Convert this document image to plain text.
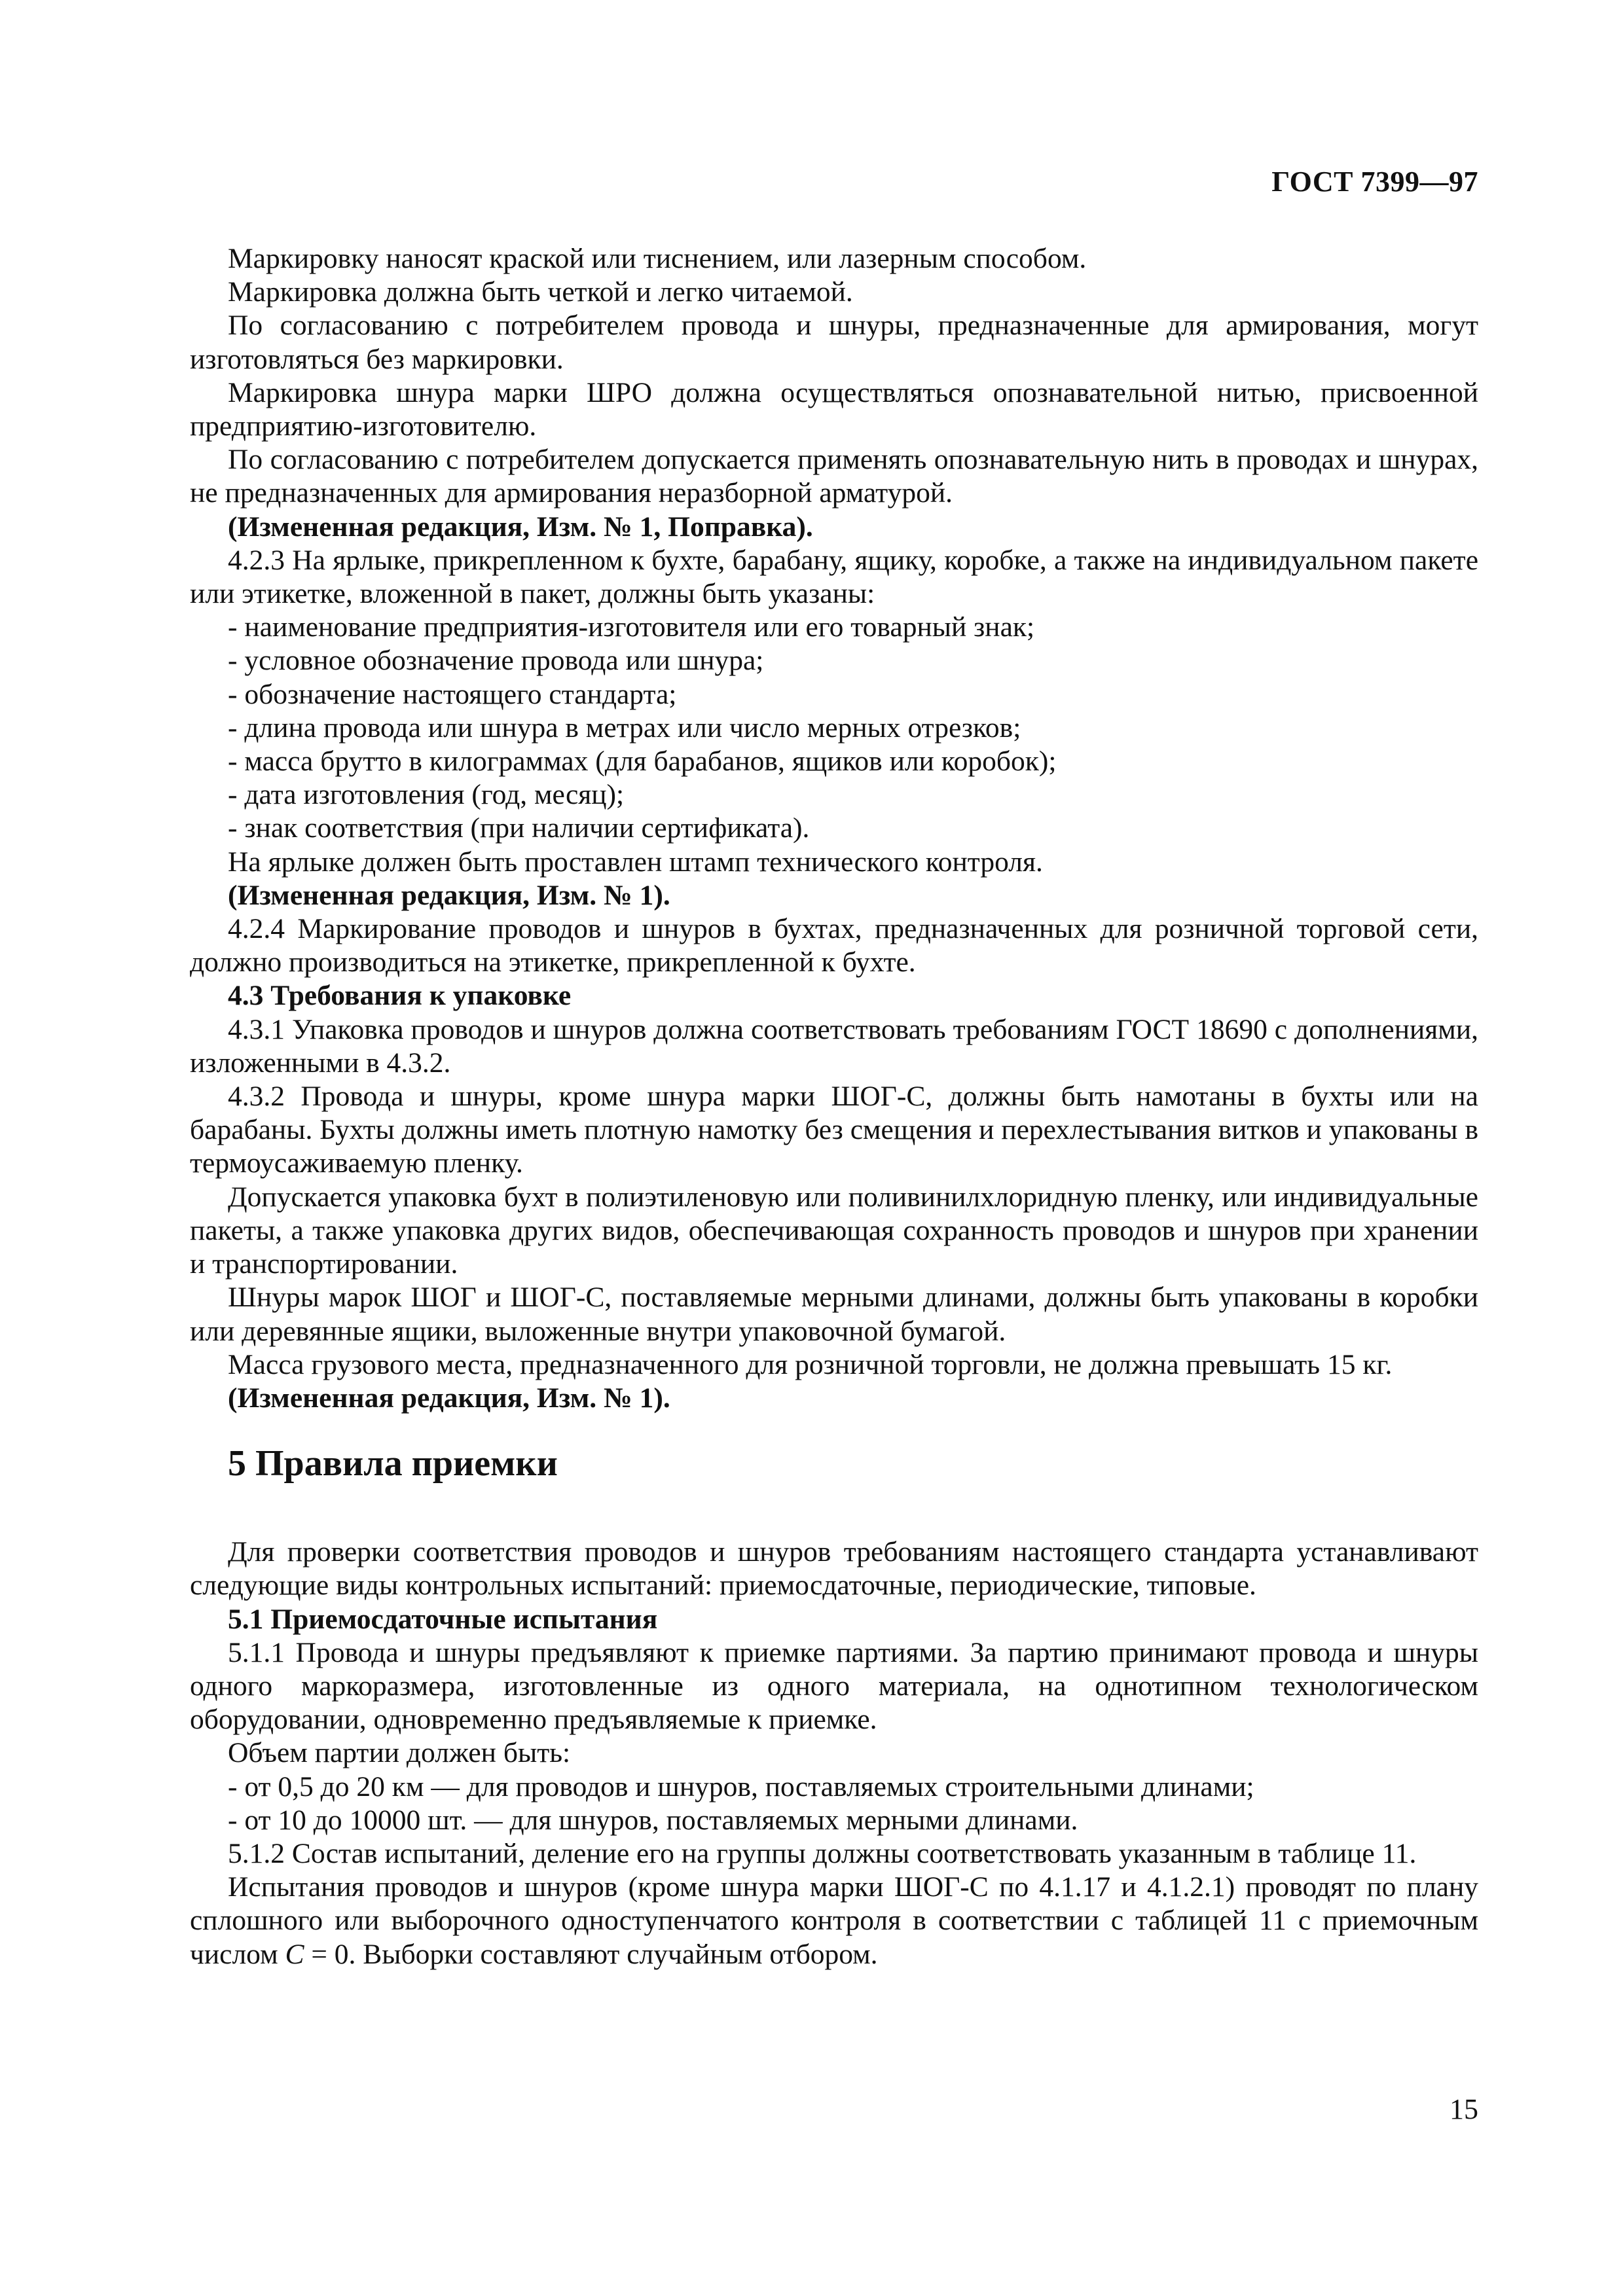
ГОСТ 7399—97

Маркировку наносят краской или тиснением, или лазерным способом.

Маркировка должна быть четкой и легко читаемой.

По согласованию с потребителем провода и шнуры, предназначенные для армирования, могут изготовляться без маркировки.

Маркировка шнура марки ШРО должна осуществляться опознавательной нитью, присвоенной предприятию-изготовителю.

По согласованию с потребителем допускается применять опознавательную нить в проводах и шнурах, не предназначенных для армирования неразборной арматурой.

(Измененная редакция, Изм. № 1, Поправка).

4.2.3 На ярлыке, прикрепленном к бухте, барабану, ящику, коробке, а также на индивидуальном пакете или этикетке, вложенной в пакет, должны быть указаны:

- наименование предприятия-изготовителя или его товарный знак;

- условное обозначение провода или шнура;

- обозначение настоящего стандарта;

- длина провода или шнура в метрах или число мерных отрезков;

- масса брутто в килограммах (для барабанов, ящиков или коробок);

- дата изготовления (год, месяц);

- знак соответствия (при наличии сертификата).

На ярлыке должен быть проставлен штамп технического контроля.

(Измененная редакция, Изм. № 1).

4.2.4 Маркирование проводов и шнуров в бухтах, предназначенных для розничной торговой сети, должно производиться на этикетке, прикрепленной к бухте.

4.3 Требования к упаковке

4.3.1 Упаковка проводов и шнуров должна соответствовать требованиям ГОСТ 18690 с дополнениями, изложенными в 4.3.2.

4.3.2 Провода и шнуры, кроме шнура марки ШОГ-С, должны быть намотаны в бухты или на барабаны. Бухты должны иметь плотную намотку без смещения и перехлестывания витков и упакованы в термоусаживаемую пленку.

Допускается упаковка бухт в полиэтиленовую или поливинилхлоридную пленку, или индивидуальные пакеты, а также упаковка других видов, обеспечивающая сохранность проводов и шнуров при хранении и транспортировании.

Шнуры марок ШОГ и ШОГ-С, поставляемые мерными длинами, должны быть упакованы в коробки или деревянные ящики, выложенные внутри упаковочной бумагой.

Масса грузового места, предназначенного для розничной торговли, не должна превышать 15 кг.

(Измененная редакция, Изм. № 1).

5 Правила приемки

Для проверки соответствия проводов и шнуров требованиям настоящего стандарта устанавливают следующие виды контрольных испытаний: приемосдаточные, периодические, типовые.

5.1 Приемосдаточные испытания

5.1.1 Провода и шнуры предъявляют к приемке партиями. За партию принимают провода и шнуры одного маркоразмера, изготовленные из одного материала, на однотипном технологическом оборудовании, одновременно предъявляемые к приемке.

Объем партии должен быть:

- от 0,5 до 20 км — для проводов и шнуров, поставляемых строительными длинами;

- от 10 до 10000 шт. — для шнуров, поставляемых мерными длинами.

5.1.2 Состав испытаний, деление его на группы должны соответствовать указанным в таблице 11.

Испытания проводов и шнуров (кроме шнура марки ШОГ-С по 4.1.17 и 4.1.2.1) проводят по плану сплошного или выборочного одноступенчатого контроля в соответствии с таблицей 11 с приемочным числом C = 0. Выборки составляют случайным отбором.

15
